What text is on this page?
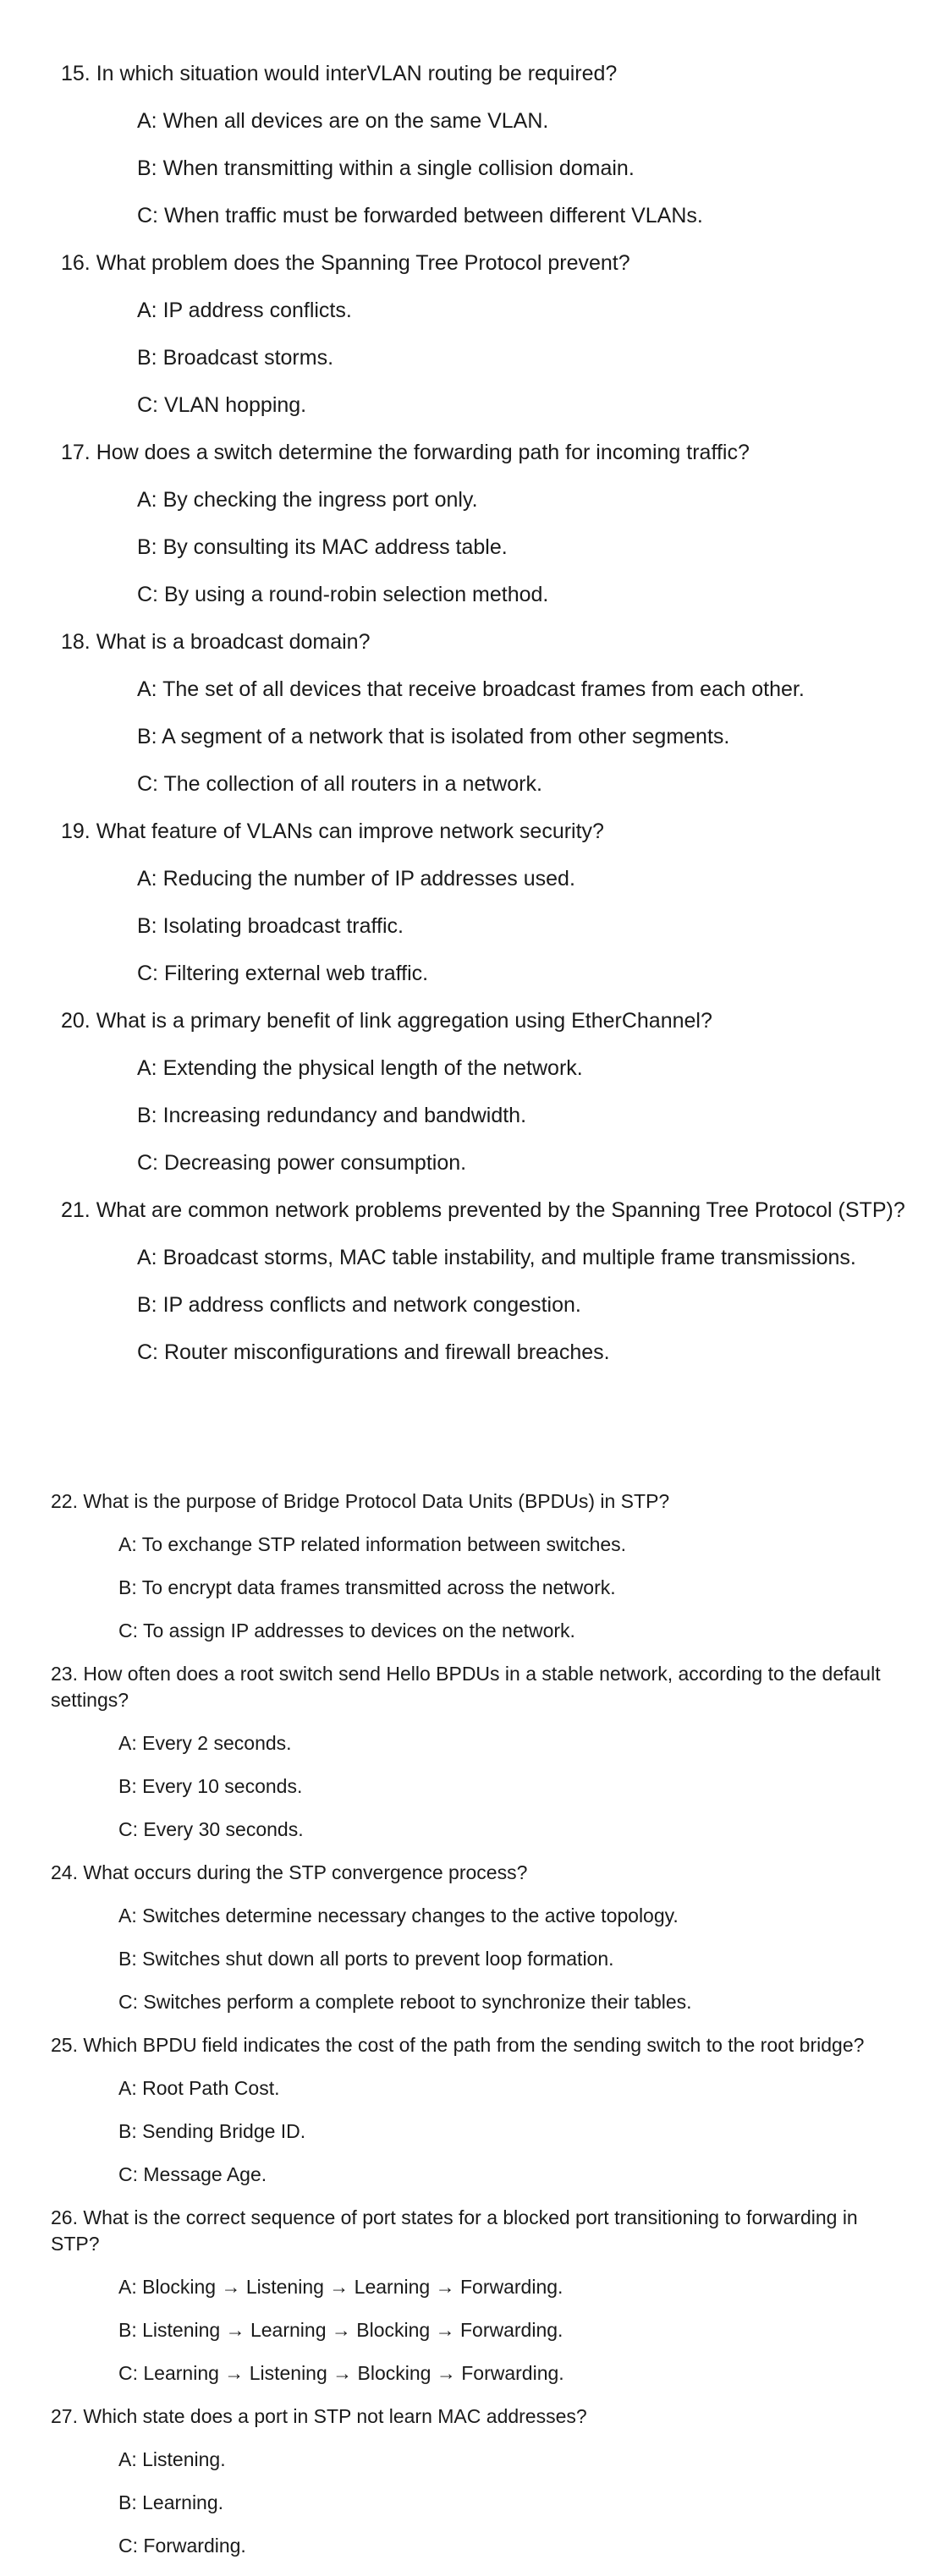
15. In which situation would interVLAN routing be required?
A: When all devices are on the same VLAN.
B: When transmitting within a single collision domain.
C: When traffic must be forwarded between different VLANs.
16. What problem does the Spanning Tree Protocol prevent?
A: IP address conflicts.
B: Broadcast storms.
C: VLAN hopping.
17. How does a switch determine the forwarding path for incoming traffic?
A: By checking the ingress port only.
B: By consulting its MAC address table.
C: By using a round-robin selection method.
18. What is a broadcast domain?
A: The set of all devices that receive broadcast frames from each other.
B: A segment of a network that is isolated from other segments.
C: The collection of all routers in a network.
19. What feature of VLANs can improve network security?
A: Reducing the number of IP addresses used.
B: Isolating broadcast traffic.
C: Filtering external web traffic.
20. What is a primary benefit of link aggregation using EtherChannel?
A: Extending the physical length of the network.
B: Increasing redundancy and bandwidth.
C: Decreasing power consumption.
21. What are common network problems prevented by the Spanning Tree Protocol (STP)?
A: Broadcast storms, MAC table instability, and multiple frame transmissions.
B: IP address conflicts and network congestion.
C: Router misconfigurations and firewall breaches.
22. What is the purpose of Bridge Protocol Data Units (BPDUs) in STP?
A: To exchange STP related information between switches.
B: To encrypt data frames transmitted across the network.
C: To assign IP addresses to devices on the network.
23. How often does a root switch send Hello BPDUs in a stable network, according to the default settings?
A: Every 2 seconds.
B: Every 10 seconds.
C: Every 30 seconds.
24. What occurs during the STP convergence process?
A: Switches determine necessary changes to the active topology.
B: Switches shut down all ports to prevent loop formation.
C: Switches perform a complete reboot to synchronize their tables.
25. Which BPDU field indicates the cost of the path from the sending switch to the root bridge?
A: Root Path Cost.
B: Sending Bridge ID.
C: Message Age.
26. What is the correct sequence of port states for a blocked port transitioning to forwarding in STP?
A: Blocking → Listening → Learning → Forwarding.
B: Listening → Learning → Blocking → Forwarding.
C: Learning → Listening → Blocking → Forwarding.
27. Which state does a port in STP not learn MAC addresses?
A: Listening.
B: Learning.
C: Forwarding.
